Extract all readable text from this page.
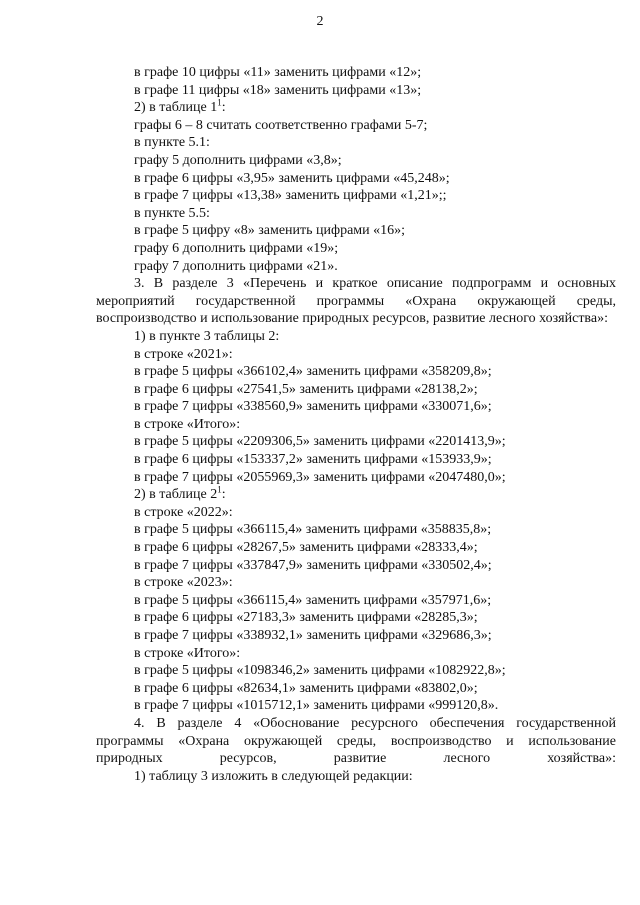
2
в графе 10 цифры «11» заменить цифрами «12»;
в графе 11 цифры «18» заменить цифрами «13»;
2) в таблице $1^1$:
графы 6 – 8 считать соответственно графами 5-7;
в пункте 5.1:
графу 5 дополнить цифрами «3,8»;
в графе 6 цифры «3,95» заменить цифрами «45,248»;
в графе 7 цифры «13,38» заменить цифрами «1,21»;;
в пункте 5.5:
в графе 5 цифру «8» заменить цифрами «16»;
графу 6 дополнить цифрами «19»;
графу 7 дополнить цифрами «21».
3. В разделе 3 «Перечень и краткое описание подпрограмм и основных мероприятий государственной программы «Охрана окружающей среды, воспроизводство и использование природных ресурсов, развитие лесного хозяйства»:
1) в пункте 3 таблицы 2:
в строке «2021»:
в графе 5 цифры «366102,4» заменить цифрами «358209,8»;
в графе 6 цифры «27541,5» заменить цифрами «28138,2»;
в графе 7 цифры «338560,9» заменить цифрами «330071,6»;
в строке «Итого»:
в графе 5 цифры «2209306,5» заменить цифрами «2201413,9»;
в графе 6 цифры «153337,2» заменить цифрами «153933,9»;
в графе 7 цифры «2055969,3» заменить цифрами «2047480,0»;
2) в таблице $2^1$:
в строке «2022»:
в графе 5 цифры «366115,4» заменить цифрами «358835,8»;
в графе 6 цифры «28267,5» заменить цифрами «28333,4»;
в графе 7 цифры «337847,9» заменить цифрами «330502,4»;
в строке «2023»:
в графе 5 цифры «366115,4» заменить цифрами «357971,6»;
в графе 6 цифры «27183,3» заменить цифрами «28285,3»;
в графе 7 цифры «338932,1» заменить цифрами «329686,3»;
в строке «Итого»:
в графе 5 цифры «1098346,2» заменить цифрами «1082922,8»;
в графе 6 цифры «82634,1» заменить цифрами «83802,0»;
в графе 7 цифры «1015712,1» заменить цифрами «999120,8».
4. В разделе 4 «Обоснование ресурсного обеспечения государственной программы «Охрана окружающей среды, воспроизводство и использование природных ресурсов, развитие лесного хозяйства»:
1) таблицу 3 изложить в следующей редакции:
